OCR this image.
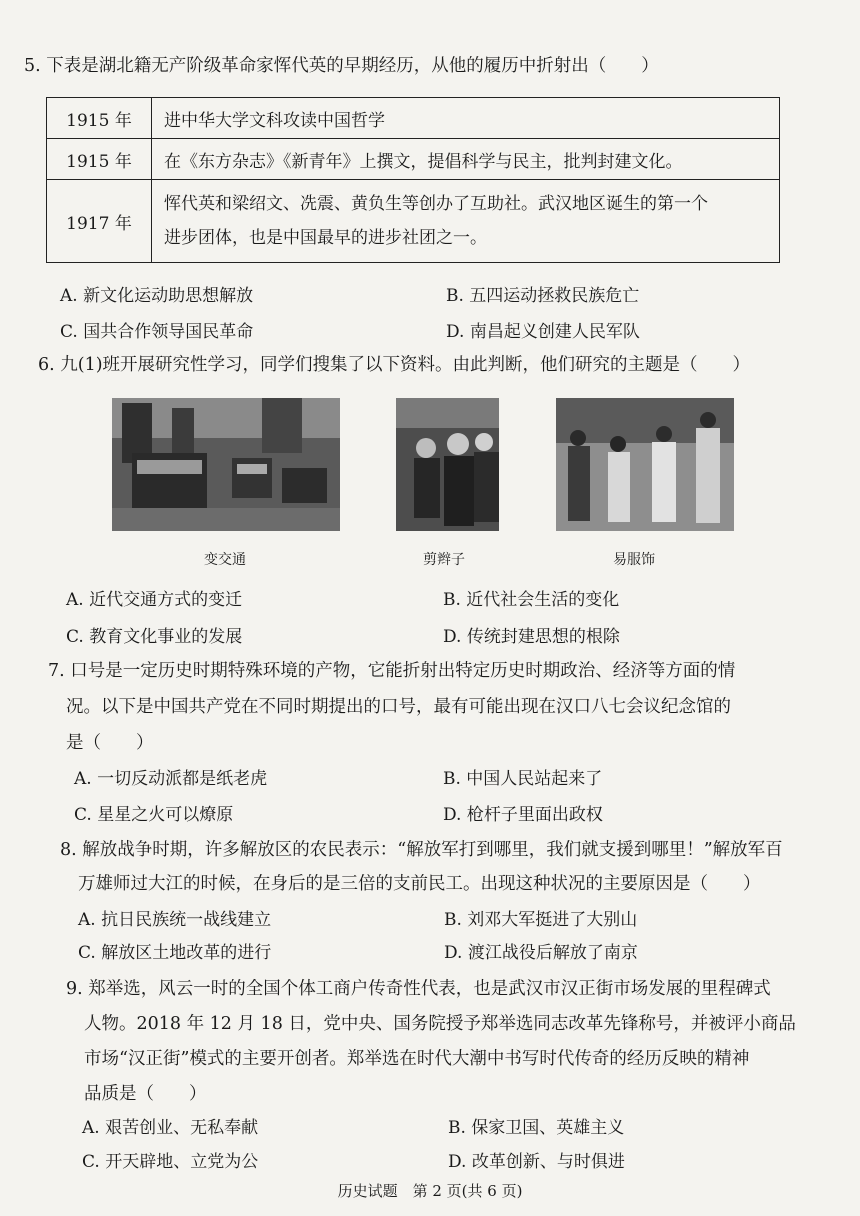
5. 下表是湖北籍无产阶级革命家恽代英的早期经历，从他的履历中折射出（　　）
1915 年	进中华大学文科攻读中国哲学
1915 年	在《东方杂志》《新青年》上撰文，提倡科学与民主，批判封建文化。
1917 年	恽代英和梁绍文、冼震、黄负生等创办了互助社。武汉地区诞生的第一个
进步团体，也是中国最早的进步社团之一。
A. 新文化运动助思想解放	B. 五四运动拯救民族危亡
C. 国共合作领导国民革命	D. 南昌起义创建人民军队
6. 九(1)班开展研究性学习，同学们搜集了以下资料。由此判断，他们研究的主题是（　　）
变交通	剪辫子	易服饰
A. 近代交通方式的变迁	B. 近代社会生活的变化
C. 教育文化事业的发展	D. 传统封建思想的根除
7. 口号是一定历史时期特殊环境的产物，它能折射出特定历史时期政治、经济等方面的情
况。以下是中国共产党在不同时期提出的口号，最有可能出现在汉口八七会议纪念馆的
是（　　）
A. 一切反动派都是纸老虎	B. 中国人民站起来了
C. 星星之火可以燎原	D. 枪杆子里面出政权
8. 解放战争时期，许多解放区的农民表示：“解放军打到哪里，我们就支援到哪里！”解放军百
万雄师过大江的时候，在身后的是三倍的支前民工。出现这种状况的主要原因是（　　）
A. 抗日民族统一战线建立	B. 刘邓大军挺进了大别山
C. 解放区土地改革的进行	D. 渡江战役后解放了南京
9. 郑举选，风云一时的全国个体工商户传奇性代表，也是武汉市汉正街市场发展的里程碑式
人物。2018 年 12 月 18 日，党中央、国务院授予郑举选同志改革先锋称号，并被评小商品
市场“汉正街”模式的主要开创者。郑举选在时代大潮中书写时代传奇的经历反映的精神
品质是（　　）
A. 艰苦创业、无私奉献	B. 保家卫国、英雄主义
C. 开天辟地、立党为公	D. 改革创新、与时俱进
历史试题　第 2 页(共 6 页)
